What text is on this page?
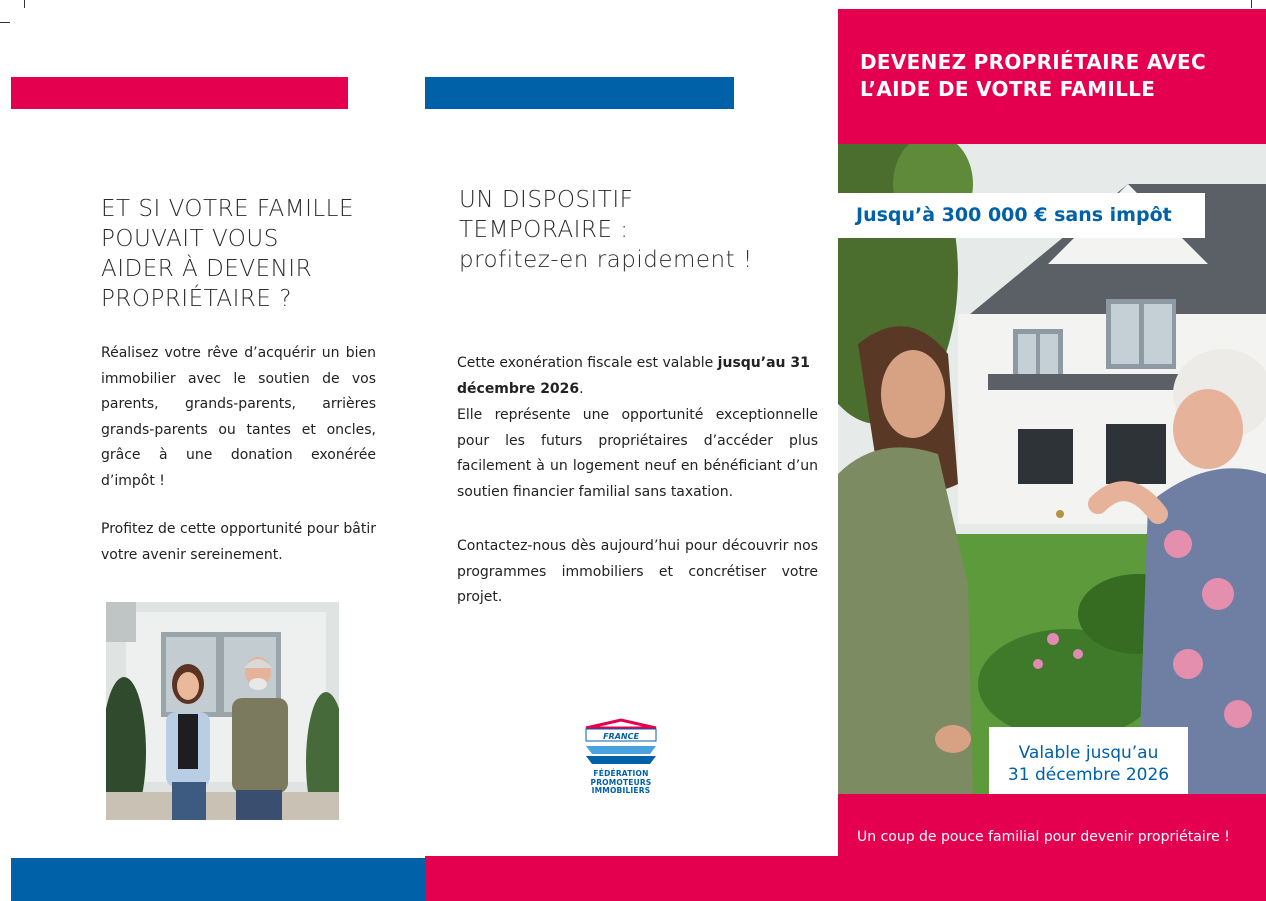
ET SI VOTRE FAMILLE
POUVAIT VOUS
AIDER À DEVENIR
PROPRIÉTAIRE ?
Réalisez votre rêve d’acquérir un bien immobilier avec le soutien de vos parents, grands-parents, arrières grands-parents ou tantes et oncles, grâce à une donation exonérée d’impôt !
Profitez de cette opportunité pour bâtir votre avenir sereinement.
UN DISPOSITIF
TEMPORAIRE :
profitez-en rapidement !
Cette exonération fiscale est valable jusqu’au 31 décembre 2026.
Elle représente une opportunité exceptionnelle pour les futurs propriétaires d’accéder plus facilement à un logement neuf en bénéficiant d’un soutien financier familial sans taxation.
Contactez-nous dès aujourd’hui pour découvrir nos programmes immobiliers et concrétiser votre projet.
FRANCE
FÉDÉRATION
PROMOTEURS
IMMOBILIERS
DEVENEZ PROPRIÉTAIRE AVEC
L’AIDE DE VOTRE FAMILLE
Jusqu’à 300 000 € sans impôt
Valable jusqu’au
31 décembre 2026
Un coup de pouce familial pour devenir propriétaire !
